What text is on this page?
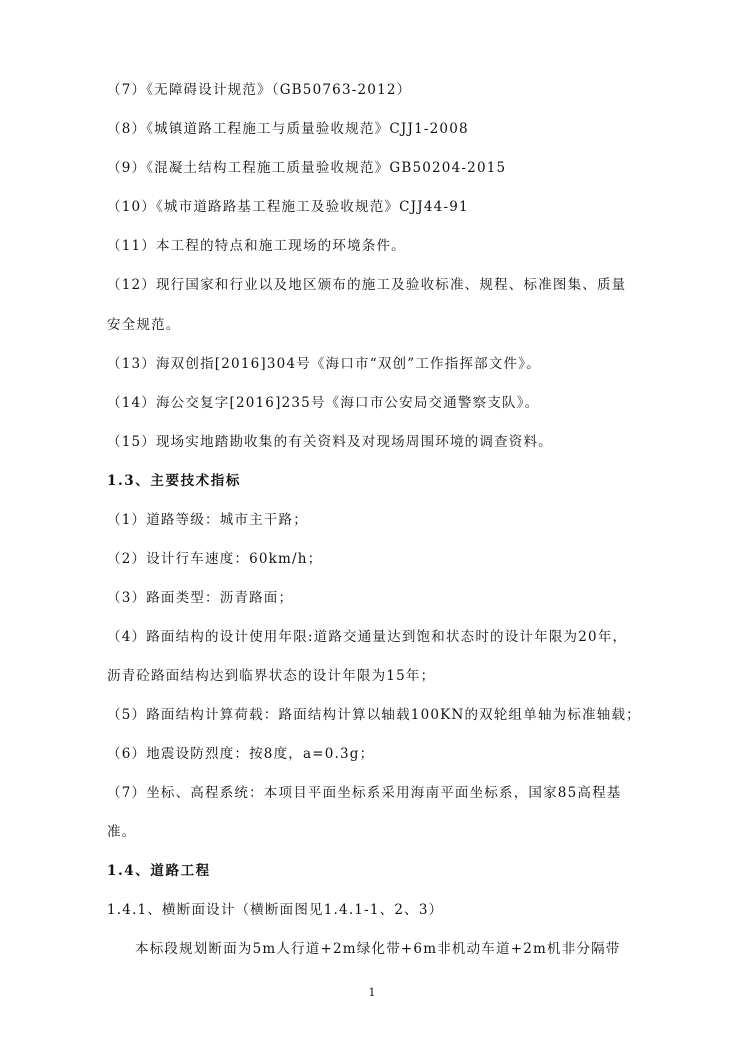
（7）《无障碍设计规范》（GB50763-2012）
（8）《城镇道路工程施工与质量验收规范》CJJ1-2008
（9）《混凝土结构工程施工质量验收规范》GB50204-2015
（10）《城市道路路基工程施工及验收规范》CJJ44-91
（11）本工程的特点和施工现场的环境条件。
（12）现行国家和行业以及地区颁布的施工及验收标准、规程、标准图集、质量
安全规范。
（13）海双创指[2016]304号《海口市“双创”工作指挥部文件》。
（14）海公交复字[2016]235号《海口市公安局交通警察支队》。
（15）现场实地踏勘收集的有关资料及对现场周围环境的调查资料。
1.3、主要技术指标
（1）道路等级：城市主干路；
（2）设计行车速度：60km/h；
（3）路面类型：沥青路面；
（4）路面结构的设计使用年限:道路交通量达到饱和状态时的设计年限为20年，
沥青砼路面结构达到临界状态的设计年限为15年；
（5）路面结构计算荷载：路面结构计算以轴载100KN的双轮组单轴为标准轴载；
（6）地震设防烈度：按8度，a=0.3g；
（7）坐标、高程系统：本项目平面坐标系采用海南平面坐标系，国家85高程基
准。
1.4、道路工程
1.4.1、横断面设计（横断面图见1.4.1-1、2、3）
本标段规划断面为5m人行道+2m绿化带+6m非机动车道+2m机非分隔带
1
